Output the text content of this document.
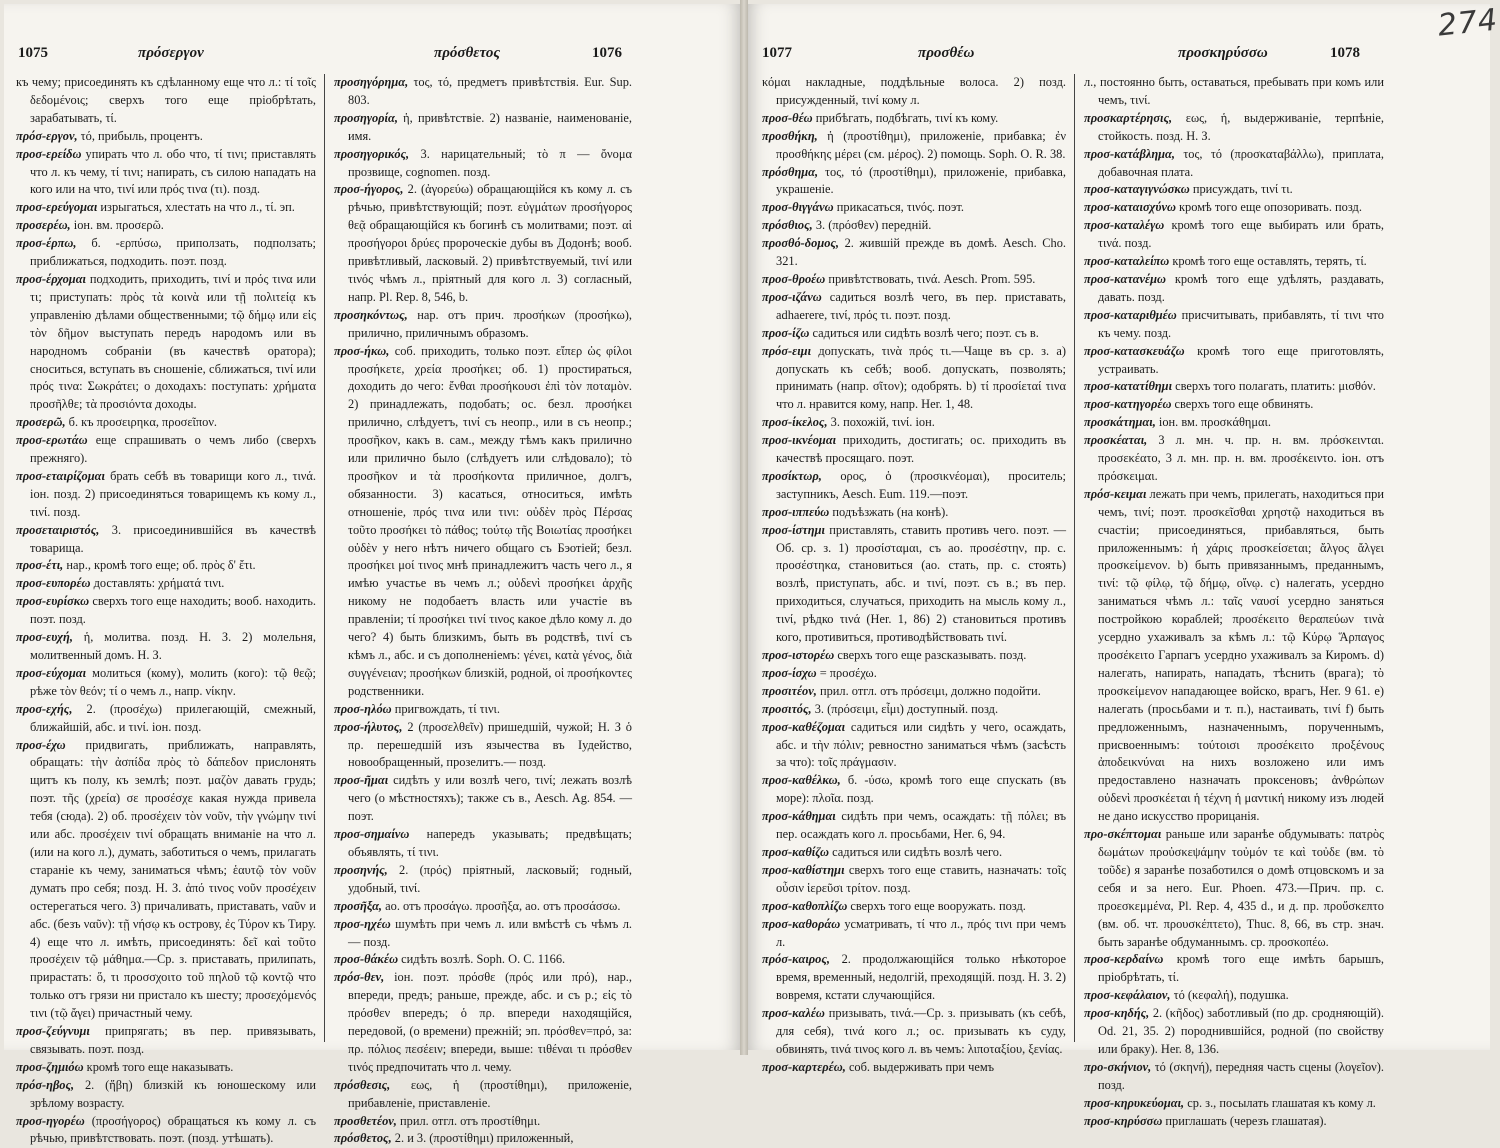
1075	πρόσεργον	πρόσθετος	1076

къ чему; присоединять къ сдѣланному еще что л.: τί τοῖς δεδομένοις; сверхъ того еще пріобрѣтать, зарабатывать, τί.

πρόσ-εργον, τό, прибыль, процентъ.

προσ-ερείδω упирать что л. обо что, τί τινι; приставлять что л. къ чему, τί τινι; напирать, съ силою нападать на кого или на что, τινί или πρός τινα (τι). позд.

προσ-ερεύγομαι изрыгаться, хлестать на что л., τί. эп.

προσερέω, іон. вм. προσερῶ.

προσ-έρπω, б. -ερπύσω, приползать, подползать; приближаться, подходить. поэт. позд.

προσ-έρχομαι подходить, приходить, τινί и πρός τινα или τι; приступать: πρὸς τὰ κοινὰ или τῇ πολιτείᾳ къ управленію дѣлами общественными; τῷ δήμῳ или εἰς τὸν δῆμον выступать передъ народомъ или въ народномъ собраніи (въ качествѣ оратора); сноситься, вступать въ сношеніе, сближаться, τινί или πρός τινα: Σωκράτει; о доходахъ: поступать: χρήματα προσῆλθε; τὰ προσιόντα доходы.

προσερῶ, б. къ προσειρηκα, προσεῖπον.

προσ-ερωτάω еще спрашивать о чемъ либо (сверхъ прежняго).

προσ-εταιρίζομαι брать себѣ въ товарищи кого л., τινά. іон. позд. 2) присоединяться товарищемъ къ кому л., τινί. позд.

προσεταιριστός, 3. присоединившійся въ качествѣ товарища.

προσ-έτι, нар., кромѣ того еще; об. πρὸς δ' ἔτι.

προσ-ευπορέω доставлять: χρήματά τινι.

προσ-ευρίσκω сверхъ того еще находить; вооб. находить. поэт. позд.

προσ-ευχή, ἡ, молитва. позд. Н. З. 2) молельня, молитвенный домъ. Н. З.

προσ-εύχομαι молиться (кому), молить (кого): τῷ θεῷ; рѣже τὸν θεόν; τί о чемъ л., напр. νίκην.

προσ-εχής, 2. (προσέχω) прилегающій, смежный, ближайшій, абс. и τινί. іон. позд.

προσ-έχω придвигать, приближать, направлять, обращать: τὴν ἀσπίδα πρὸς τὸ δάπεδον прислонять щитъ къ полу, къ землѣ; поэт. μαζὸν давать грудь; поэт. τῆς (χρεία) σε προσέσχε какая нужда привела тебя (сюда). 2) об. προσέχειν τὸν νοῦν, τὴν γνώμην τινί или абс. προσέχειν τινί обращать вниманіе на что л. (или на кого л.), думать, заботиться о чемъ, прилагать стараніе къ чему, заниматься чѣмъ; ἑαυτῷ τὸν νοῦν думать про себя; позд. Н. З. ἀπό τινος νοῦν προσέχειν остерегаться чего. 3) причаливать, приставать, ναῦν и абс. (безъ ναῦν): τῇ νήσῳ къ острову, ἐς Τύρον къ Тиру. 4) еще что л. имѣть, присоединять: δεῖ καὶ τοῦτο προσέχειν τῷ μάθημα.—Ср. з. приставать, прилипать, прирастать: ὅ, τι προσσχοιτο τοῦ πηλοῦ τῷ κοντῷ что только отъ грязи ни пристало къ шесту; προσεχόμενός τινι (τῷ ἄγει) причастный чему.

προσ-ζεύγνυμι припрягать; въ пер. привязывать, связывать. поэт. позд.

προσ-ζημιόω кромѣ того еще наказывать.

πρόσ-ηβος, 2. (ἥβη) близкій къ юношескому или зрѣлому возрасту.

προσ-ηγορέω (προσήγορος) обращаться къ кому л. съ рѣчью, привѣтствовать. поэт. (позд. утѣшать).

προσηγόρημα, τος, τό, предметъ привѣтствія. Eur. Sup. 803.

προσηγορία, ἡ, привѣтствіе. 2) названіе, наименованіе, имя.

προσηγορικός, 3. нарицательный; τὸ π — ὄνομα прозвище, cognomen. позд.

προσ-ήγορος, 2. (ἀγορεύω) обращающійся къ кому л. съ рѣчью, привѣтствующій; поэт. εὐγμάτων προσήγορος θεᾷ обращающійся къ богинѣ съ молитвами; поэт. αἱ προσήγοροι δρύες пророческіе дубы въ Додонѣ; вооб. привѣтливый, ласковый. 2) привѣтствуемый, τινί или τινός чѣмъ л., пріятный для кого л. 3) согласный, напр. Pl. Rep. 8, 546, b.

προσηκόντως, нар. отъ прич. προσήκων (προσήκω), прилично, приличнымъ образомъ.

προσ-ήκω, соб. приходить, только поэт. εἴπερ ὡς φίλοι προσήκετε, χρεία προσήκει; об. 1) простираться, доходить до чего: ἔνθαι προσήκουσι ἐπὶ τὸν ποταμὸν. 2) принадлежать, подобать; ос. безл. προσήκει прилично, слѣдуетъ, τινί съ неопр., или в съ неопр.; προσῆκον, какъ в. сам., между тѣмъ какъ прилично или прилично было (слѣдуетъ или слѣдовало); τὸ προσῆκον и τὰ προσήκοντα приличное, долгъ, обязанности. 3) касаться, относиться, имѣть отношеніе, πρός τινα или τινι: οὐδὲν πρὸς Πέρσας τοῦτο προσήκει τὸ πάθος; τούτῳ τῆς Βοιωτίας προσήκει οὐδὲν у него нѣтъ ничего общаго съ Бэотіей; безл. προσήκει μοί τινος мнѣ принадлежитъ часть чего л., я имѣю участье въ чемъ л.; οὐδενὶ προσήκει ἀρχῆς никому не подобаетъ власть или участіе въ правленіи; τί προσήκει τινί τινος какое дѣло кому л. до чего? 4) быть близкимъ, быть въ родствѣ, τινί съ кѣмъ л., абс. и съ дополненіемъ: γένει, κατὰ γένος, διὰ συγγένειαν; προσήκων близкій, родной, οἱ προσήκοντες родственники.

προσ-ηλόω пригвождать, τί τινι.

προσ-ήλυτος, 2 (προσελθεῖν) пришедшій, чужой; Н. З ὁ πρ. перешедшій изъ язычества въ Іудейство, новообращенный, прозелитъ.— позд.

προσ-ῆμαι сидѣть у или возлѣ чего, τινί; лежать возлѣ чего (о мѣстностяхъ); также съ в., Aesch. Ag. 854. — поэт.

προσ-σημαίνω напередъ указывать; предвѣщать; объявлять, τί τινι.

προσηνής, 2. (πρός) пріятный, ласковый; годный, удобный, τινί.

προσῆξα, ао. отъ προσάγω. προσῆξα, ао. отъ προσάσσω.

προσ-ηχέω шумѣть при чемъ л. или вмѣстѣ съ чѣмъ л. — позд.

προσ-θάκέω сидѣть возлѣ. Soph. O. C. 1166.

πρόσ-θεν, іон. поэт. πρόσθε (πρός или πρό), нар., впереди, предъ; раньше, прежде, абс. и съ р.; εἰς τὸ πρόσθεν впередъ; ὁ πρ. впереди находящійся, передовой, (о времени) прежній; эп. πρόσθεν=πρό, за: πρ. πόλιος πεσέειν; впереди, выше: τιθέναι τι πρόσθεν τινός предпочитать что л. чему.

πρόσθεσις, εως, ἡ (προστίθημι), приложеніе, прибавленіе, приставленіе.

προσθετέον, прил. отгл. отъ προστίθημι.

πρόσθετος, 2. и 3. (προστίθημι) приложенный,

1077	προσθέω	προσκηρύσσω	1078

κόμαι накладные, поддѣльные волоса. 2) позд. присужденный, τινί кому л.

προσ-θέω прибѣгать, подбѣгать, τινί къ кому.

προσθήκη, ἡ (προστίθημι), приложеніе, прибавка; ἐν προσθήκης μέρει (см. μέρος). 2) помощь. Soph. O. R. 38.

πρόσθημα, τος, τό (προστίθημι), приложеніе, прибавка, украшеніе.

προσ-θιγγάνω прикасаться, τινός. поэт.

πρόσθιος, 3. (πρόσθεν) передній.

προσθό-δομος, 2. жившій прежде въ домѣ. Aesch. Cho. 321.

προσ-θροέω привѣтствовать, τινά. Aesch. Prom. 595.

προσ-ιζάνω садиться возлѣ чего, въ пер. приставать, adhaerere, τινί, πρός τι. поэт. позд.

προσ-ίζω садиться или сидѣть возлѣ чего; поэт. съ в.

πρόσ-ειμι допускать, τινὰ πρός τι.—Чаще въ ср. з. a) допускать къ себѣ; вооб. допускать, позволять; принимать (напр. σῖτον); одобрять. b) τί προσίεταί τινα что л. нравится кому, напр. Her. 1, 48.

προσ-ίκελος, 3. похожій, τινί. іон.

προσ-ικνέομαι приходить, достигать; ос. приходить въ качествѣ просящаго. поэт.

προσίκτωρ, ορος, ὁ (προσικνέομαι), проситель; заступникъ, Aesch. Eum. 119.—поэт.

προσ-ιππεύω подъѣзжать (на конѣ).

προσ-ίστημι приставлять, ставить противъ чего. поэт. — Об. ср. з. 1) προσίσταμαι, съ ао. προσέστην, пр. с. προσέστηκα, становиться (ао. стать, пр. с. стоять) возлѣ, приступать, абс. и τινί, поэт. съ в.; въ пер. приходиться, случаться, приходить на мысль кому л., τινί, рѣдко τινά (Her. 1, 86) 2) становиться противъ кого, противиться, противодѣйствовать τινί.

προσ-ιστορέω сверхъ того еще разсказывать. позд.

προσ-ίσχω = προσέχω.

προσιτέον, прил. отгл. отъ πρόσειμι, должно подойти.

προσιτός, 3. (πρόσειμι, εἶμι) доступный. позд.

προσ-καθέζομαι садиться или сидѣть у чего, осаждать, абс. и τὴν πόλιν; ревностно заниматься чѣмъ (засѣсть за что): τοῖς πράγμασιν.

προσ-καθέλκω, б. -ύσω, кромѣ того еще спускать (въ море): πλοῖα. позд.

προσ-κάθημαι сидѣть при чемъ, осаждать: τῇ πόλει; въ пер. осаждать кого л. просьбами, Her. 6, 94.

προσ-καθίζω садиться или сидѣть возлѣ чего.

προσ-καθίστημι сверхъ того еще ставить, назначать: τοῖς οὖσιν ἱερεῦσι τρίτον. позд.

προσ-καθοπλίζω сверхъ того еще вооружать. позд.

προσ-καθοράω усматривать, τί что л., πρός τινι при чемъ л.

πρόσ-καιρος, 2. продолжающійся только нѣкоторое время, временный, недолгій, преходящій. позд. Н. З. 2) вовремя, кстати случающійся.

προσ-καλέω призывать, τινά.—Ср. з. призывать (къ себѣ, для себя), τινά кого л.; ос. призывать къ суду, обвинять, τινά τινος кого л. въ чемъ: λιποταξίου, ξενίας.

προσ-καρτερέω, соб. выдерживать при чемъ

л., постоянно быть, оставаться, пребывать при комъ или чемъ, τινί.

προσκαρτέρησις, εως, ἡ, выдерживаніе, терпѣніе, стойкость. позд. Н. З.

προσ-κατάβλημα, τος, τό (προσκαταβάλλω), приплата, добавочная плата.

προσ-καταγιγνώσκω присуждать, τινί τι.

προσ-καταισχύνω кромѣ того еще опозоривать. позд.

προσ-καταλέγω кромѣ того еще выбирать или брать, τινά. позд.

προσ-καταλείπω кромѣ того еще оставлять, терять, τί.

προσ-κατανέμω кромѣ того еще удѣлять, раздавать, давать. позд.

προσ-καταριθμέω присчитывать, прибавлять, τί τινι что къ чему. позд.

προσ-κατασκευάζω кромѣ того еще приготовлять, устраивать.

προσ-κατατίθημι сверхъ того полагать, платить: μισθόν.

προσ-κατηγορέω сверхъ того еще обвинять.

προσκάτημαι, іон. вм. προσκάθημαι.

προσκέαται, 3 л. мн. ч. пр. н. вм. πρόσκεινται. προσεκέατο, 3 л. мн. пр. н. вм. προσέκειντο. іон. отъ πρόσκειμαι.

πρόσ-κειμαι лежать при чемъ, прилегать, находиться при чемъ, τινί; поэт. προσκεῖσθαι χρηστῷ находиться въ счастіи; присоединяться, прибавляться, быть приложеннымъ: ἡ χάρις προσκείσεται; ἄλγος ἄλγει προσκείμενον. b) быть привязаннымъ, преданнымъ, τινί: τῷ φίλῳ, τῷ δήμῳ, οἴνῳ. c) налегать, усердно заниматься чѣмъ л.: ταῖς ναυσί усердно заняться постройкою кораблей; προσέκειτο θεραπεύων τινὰ усердно ухаживалъ за кѣмъ л.: τῷ Κύρῳ Ἅρπαγος προσέκειτο Гарпагъ усердно ухаживалъ за Киромъ. d) налегать, напирать, нападать, тѣснить (врага); τὸ προσκείμενον нападающее войско, врагъ, Her. 9 61. e) налегать (просьбами и т. п.), настаивать, τινί f) быть предложеннымъ, назначеннымъ, порученнымъ, присвоеннымъ: τούτοισι προσέκειτο προξένους ἀποδεικνύναι на нихъ возложено или имъ предоставлено назначать проксеновъ; ἀνθρώπων οὐδενὶ προσκέεται ἡ τέχνη ἡ μαντική никому изъ людей не дано искусство прорицанія.

προ-σκέπτομαι раньше или заранѣе обдумывать: πατρὸς δωμάτων προὐσκεψάμην τοὐμόν τε καὶ τοὐδε (вм. τὸ τοῦδε) я заранѣе позаботился о домѣ отцовскомъ и за себя и за него. Eur. Phoen. 473.—Прич. пр. с. προεσκεμμένα, Pl. Rep. 4, 435 d., и д. пр. προὔσκεπτο (вм. об. чт. προυσκέπτετο), Thuc. 8, 66, въ стр. знач. быть заранѣе обдуманнымъ. ср. προσκοπέω.

προσ-κερδαίνω кромѣ того еще имѣть барышъ, пріобрѣтать, τί.

προσ-κεφάλαιον, τό (κεφαλή), подушка.

προσ-κηδής, 2. (κῆδος) заботливый (по др. сродняющій). Od. 21, 35. 2) породнившійся, родной (по свойству или браку). Her. 8, 136.

προ-σκήνιον, τό (σκηνή), передняя часть сцены (λογεῖον). позд.

προσ-κηρυκεύομαι, ср. з., посылать глашатая къ кому л.

προσ-κηρύσσω приглашать (черезъ глашатая).

274
